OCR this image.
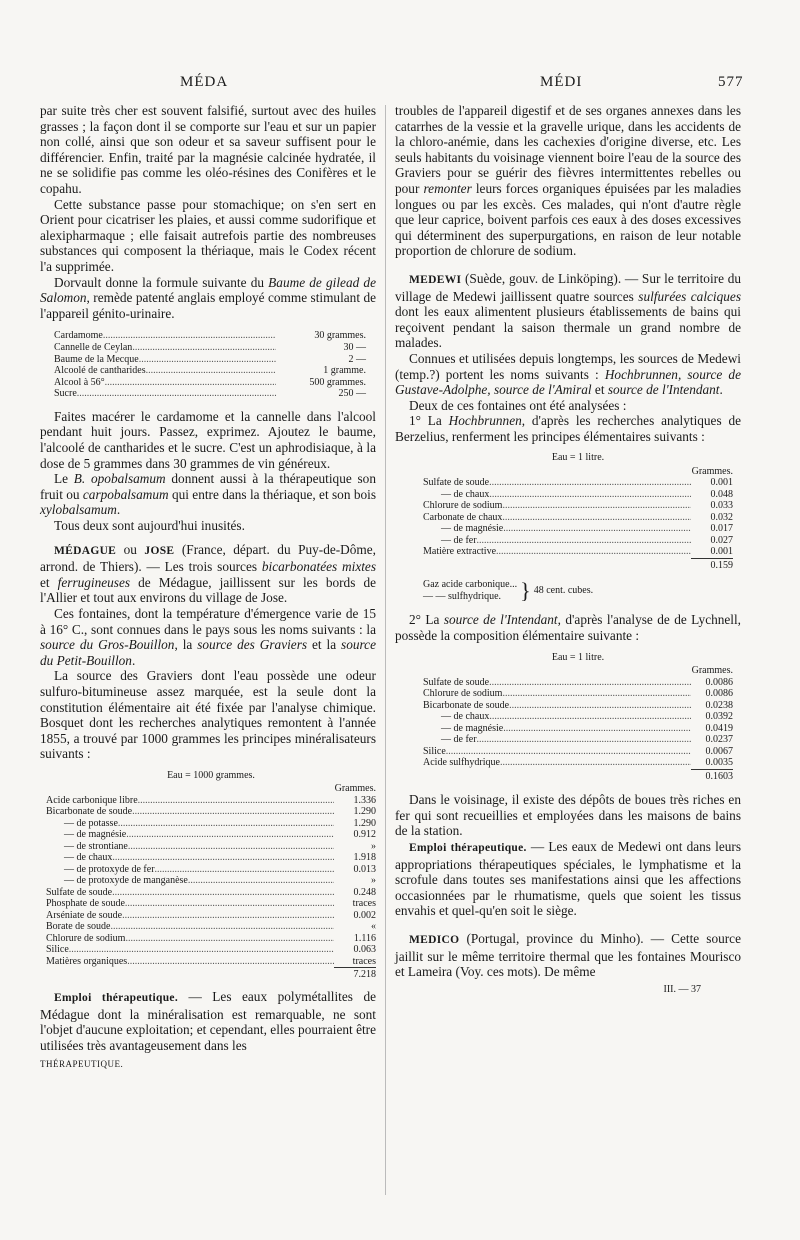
MÉDA	MÉDI	577

par suite très cher est souvent falsifié, surtout avec des huiles grasses ; la façon dont il se comporte sur l'eau et sur un papier non collé, ainsi que son odeur et sa saveur suffisent pour le différencier. Enfin, traité par la magnésie calcinée hydratée, il ne se solidifie pas comme les oléo-résines des Conifères et le copahu.

Cette substance passe pour stomachique; on s'en sert en Orient pour cicatriser les plaies, et aussi comme sudorifique et alexipharmaque ; elle faisait autrefois partie des nombreuses substances qui composent la thériaque, mais le Codex récent l'a supprimée.

Dorvault donne la formule suivante du Baume de gilead de Salomon, remède patenté anglais employé comme stimulant de l'appareil génito-urinaire.

Cardamome .....	30 grammes.
Cannelle de Ceylan .....	30 —
Baume de la Mecque .....	2 —
Alcoolé de cantharides .....	1 gramme.
Alcool à 56° .....	500 grammes.
Sucre .....	250 —

Faites macérer le cardamome et la cannelle dans l'alcool pendant huit jours. Passez, exprimez. Ajoutez le baume, l'alcoolé de cantharides et le sucre. C'est un aphrodisiaque, à la dose de 5 grammes dans 30 grammes de vin généreux.

Le B. opobalsamum donnent aussi à la thérapeutique son fruit ou carpobalsamum qui entre dans la thériaque, et son bois xylobalsamum.

Tous deux sont aujourd'hui inusités.

MÉDAGUE ou JOSE (France, départ. du Puy-de-Dôme, arrond. de Thiers). — Les trois sources bicarbonatées mixtes et ferrugineuses de Médague, jaillissent sur les bords de l'Allier et tout aux environs du village de Jose.

Ces fontaines, dont la température d'émergence varie de 15 à 16° C., sont connues dans le pays sous les noms suivants : la source du Gros-Bouillon, la source des Graviers et la source du Petit-Bouillon.

La source des Graviers dont l'eau possède une odeur sulfuro-bitumineuse assez marquée, est la seule dont la constitution élémentaire ait été fixée par l'analyse chimique. Bosquet dont les recherches analytiques remontent à l'année 1855, a trouvé par 1000 grammes les principes minéralisateurs suivants :

Eau = 1000 grammes.
Grammes.
Acide carbonique libre .....	1.336
Bicarbonate de soude .....	1.290
— de potasse .....	1.290
— de magnésie .....	0.912
— de strontiane .....	»
— de chaux .....	1.918
— de protoxyde de fer .....	0.013
— de protoxyde de manganèse .....	»
Sulfate de soude .....	0.248
Phosphate de soude .....	traces
Arséniate de soude .....	0.002
Borate de soude .....	«
Chlorure de sodium .....	1.116
Silice .....	0.063
Matières organiques .....	traces
7.218

Emploi thérapeutique. — Les eaux polymétallites de Médague dont la minéralisation est remarquable, ne sont l'objet d'aucune exploitation; et cependant, elles pourraient être utilisées très avantageusement dans les

THÉRAPEUTIQUE.

troubles de l'appareil digestif et de ses organes annexes dans les catarrhes de la vessie et la gravelle urique, dans les accidents de la chloro-anémie, dans les cachexies d'origine diverse, etc. Les seuls habitants du voisinage viennent boire l'eau de la source des Graviers pour se guérir des fièvres intermittentes rebelles ou pour remonter leurs forces organiques épuisées par les maladies longues ou par les excès. Ces malades, qui n'ont d'autre règle que leur caprice, boivent parfois ces eaux à des doses excessives qui déterminent des superpurgations, en raison de leur notable proportion de chlorure de sodium.

MEDEWI (Suède, gouv. de Linköping). — Sur le territoire du village de Medewi jaillissent quatre sources sulfurées calciques dont les eaux alimentent plusieurs établissements de bains qui reçoivent pendant la saison thermale un grand nombre de malades.

Connues et utilisées depuis longtemps, les sources de Medewi (temp.?) portent les noms suivants : Hochbrunnen, source de Gustave-Adolphe, source de l'Amiral et source de l'Intendant.

Deux de ces fontaines ont été analysées :

1° La Hochbrunnen, d'après les recherches analytiques de Berzelius, renferment les principes élémentaires suivants :

Eau = 1 litre.
Grammes.
Sulfate de soude .....	0.001
— de chaux .....	0.048
Chlorure de sodium .....	0.033
Carbonate de chaux .....	0.032
— de magnésie .....	0.017
— de fer .....	0.027
Matière extractive .....	0.001
0.159
Gaz acide carbonique...
— — sulfhydrique. } 48 cent. cubes.

2° La source de l'Intendant, d'après l'analyse de de Lychnell, possède la composition élémentaire suivante :

Eau = 1 litre.
Grammes.
Sulfate de soude .....	0.0086
Chlorure de sodium .....	0.0086
Bicarbonate de soude .....	0.0238
— de chaux .....	0.0392
— de magnésie .....	0.0419
— de fer .....	0.0237
Silice .....	0.0067
Acide sulfhydrique .....	0.0035
0.1603

Dans le voisinage, il existe des dépôts de boues très riches en fer qui sont recueillies et employées dans les maisons de bains de la station.

Emploi thérapeutique. — Les eaux de Medewi ont dans leurs appropriations thérapeutiques spéciales, le lymphatisme et la scrofule dans toutes ses manifestations ainsi que les affections occasionnées par le rhumatisme, quels que soient les tissus envahis et quel-qu'en soit le siège.

MEDICO (Portugal, province du Minho). — Cette source jaillit sur le même territoire thermal que les fontaines Mourisco et Lameira (Voy. ces mots). De même

III. — 37
